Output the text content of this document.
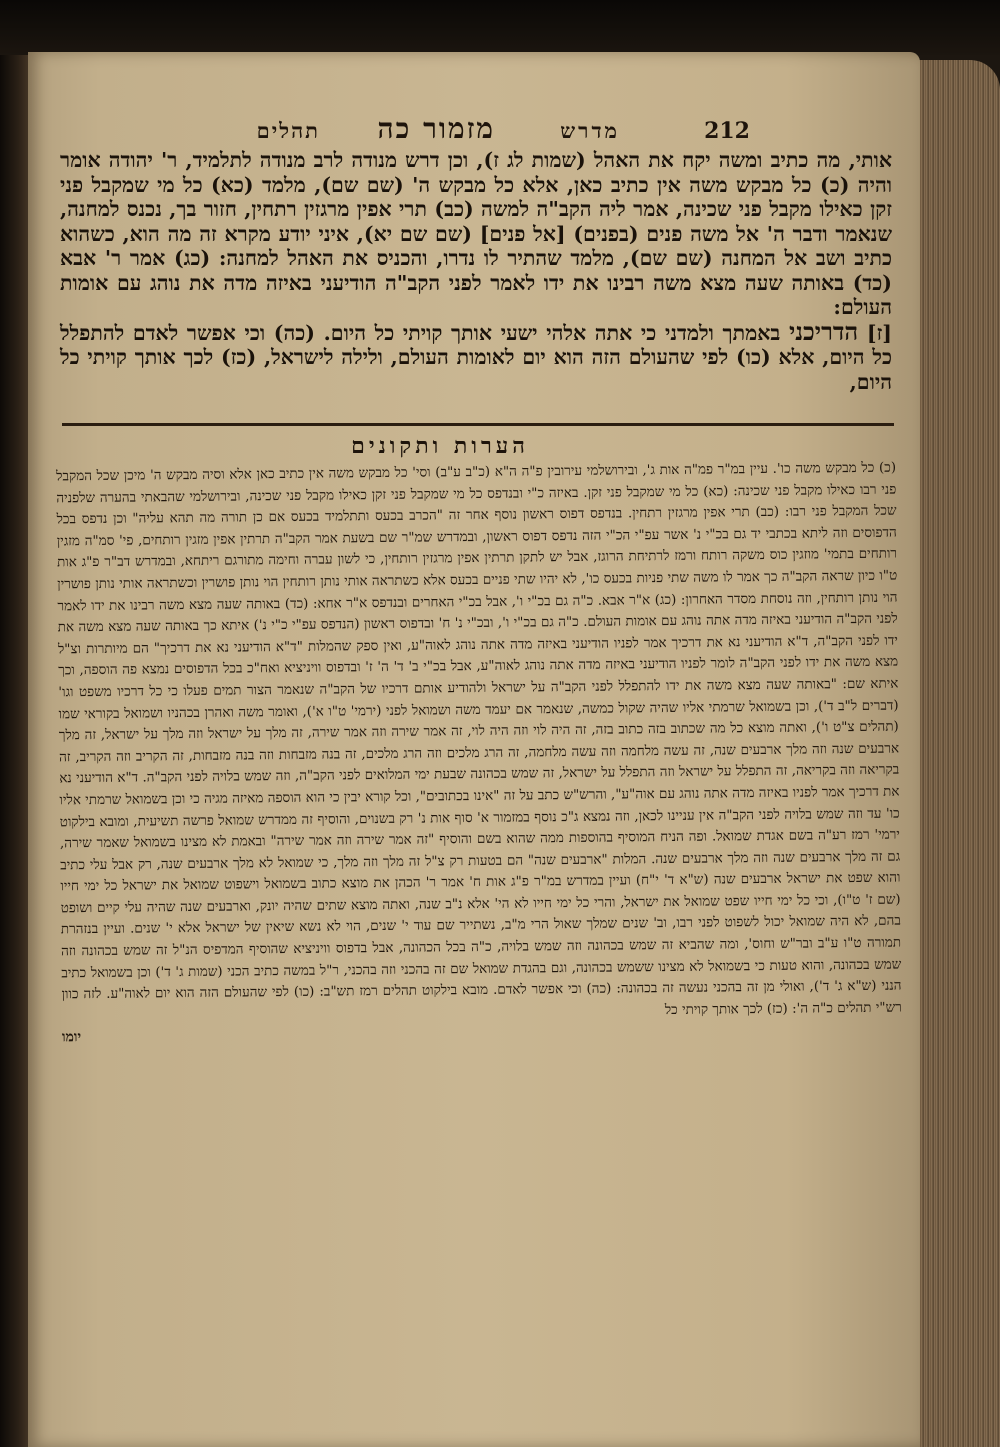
212
מדרש
מזמור כה
תהלים

אותי, מה כתיב ומשה יקח את האהל (שמות לג ז), וכן דרש מנודה לרב מנודה לתלמיד, ר' יהודה אומר והיה (כ) כל מבקש משה אין כתיב כאן, אלא כל מבקש ה' (שם שם), מלמד (כא) כל מי שמקבל פני זקן כאילו מקבל פני שכינה, אמר ליה הקב"ה למשה (כב) תרי אפין מרגזין רתחין, חזור בך, נכנס למחנה, שנאמר ודבר ה' אל משה פנים (בפנים) [אל פנים] (שם שם יא), איני יודע מקרא זה מה הוא, כשהוא כתיב ושב אל המחנה (שם שם), מלמד שהתיר לו נדרו, והכניס את האהל למחנה: (כג) אמר ר' אבא (כד) באותה שעה מצא משה רבינו את ידו לאמר לפני הקב"ה הודיעני באיזה מדה את נוהג עם אומות העולם:

[ז] הדריכני באמתך ולמדני כי אתה אלהי ישעי אותך קויתי כל היום. (כה) וכי אפשר לאדם להתפלל כל היום, אלא (כו) לפי שהעולם הזה הוא יום לאומות העולם, ולילה לישראל, (כז) לכך אותך קויתי כל היום,

הערות ותקונים

(כ) כל מבקש משה כו'. עיין במ"ר פמ"ה אות ג', ובירושלמי עירובין פ"ה ה"א (כ"ב ע"ב) וסי' כל מבקש משה אין כתיב כאן אלא וסיה מבקש ה' מיכן שכל המקבל פני רבו כאילו מקבל פני שכינה: (כא) כל מי שמקבל פני זקן. באיזה כ"י ובנדפס כל מי שמקבל פני זקן כאילו מקבל פני שכינה, ובירושלמי שהבאתי בהערה שלפניה שכל המקבל פני רבו: (כב) תרי אפין מרגזין רתחין. בנדפס דפוס ראשון נוסף אחר זה "הכרב בכעס ותתלמיד בכעס אם כן תורה מה תהא עליה" וכן נדפס בכל הדפוסים וזה ליתא בכתבי יד גם בכ"י נ' אשר עפ"י הכ"י הזה נדפס דפוס ראשון, ובמדרש שמ"ר שם בשעת אמר הקב"ה תרתין אפין מזגין רותחים, פי' סמ"ה מזגין רותחים בתמי' מוזגין כוס משקה רותח ורמז לרתיחת הרוגז, אבל יש לתקן תרתין אפין מרגזין רותחין, כי לשון עברה וחימה מתורגם ריתחא, ובמדרש דב"ר פ"ג אות ט"ו כיון שראה הקב"ה כך אמר לו משה שתי פניות בכעס כו', לא יהיו שתי פניים בכעס אלא כשתראה אותי נותן רותחין הוי נותן פושרין וכשתראה אותי נותן פושרין הוי נותן רותחין, וזה נוסחת מסדר האחרון: (כג) א"ר אבא. כ"ה גם בכ"י ו', אבל בכ"י האחרים ובנדפס א"ר אחא: (כד) באותה שעה מצא משה רבינו את ידו לאמר לפני הקב"ה הודיעני באיזה מדה אתה נוהג עם אומות העולם. כ"ה גם בכ"י ו', ובכ"י נ' ח' ובדפוס ראשון (הנדפס עפ"י כ"י נ') איתא כך באותה שעה מצא משה את ידו לפני הקב"ה, ד"א הודיעני נא את דרכיך אמר לפניו הודיעני באיזה מדה אתה נוהג לאוה"ע, ואין ספק שהמלות "ד"א הודיעני נא את דרכיך" הם מיותרות וצ"ל מצא משה את ידו לפני הקב"ה לומר לפניו הודיעני באיזה מדה אתה נוהג לאוה"ע, אבל בכ"י ב' ד' ה' ז' ובדפוס וויניציא ואח"כ בכל הדפוסים נמצא פה הוספה, וכך איתא שם: "באותה שעה מצא משה את ידו להתפלל לפני הקב"ה על ישראל ולהודיע אותם דרכיו של הקב"ה שנאמר הצור תמים פעלו כי כל דרכיו משפט וגו' (דברים ל"ב ד'), וכן בשמואל שרמתי אליו שהיה שקול כמשה, שנאמר אם יעמד משה ושמואל לפני (ירמי' ט"ו א'), ואומר משה ואהרן בכהניו ושמואל בקוראי שמו (תהלים צ"ט ו'), ואתה מוצא כל מה שכתוב בזה כתוב בזה, זה היה לוי וזה היה לוי, זה אמר שירה וזה אמר שירה, זה מלך על ישראל וזה מלך על ישראל, זה מלך ארבעים שנה וזה מלך ארבעים שנה, זה עשה מלחמה וזה עשה מלחמה, זה הרג מלכים וזה הרג מלכים, זה בנה מזבחות וזה בנה מזבחות, זה הקריב וזה הקריב, זה בקריאה וזה בקריאה, זה התפלל על ישראל וזה התפלל על ישראל, זה שמש בכהונה שבעת ימי המלואים לפני הקב"ה, וזה שמש בלויה לפני הקב"ה. ד"א הודיעני נא את דרכיך אמר לפניו באיזה מדה אתה נוהג עם אוה"ע", והרש"ש כתב על זה "אינו בכתובים", וכל קורא יבין כי הוא הוספה מאיזה מגיה כי וכן בשמואל שרמתי אליו כו' עד וזה שמש בלויה לפני הקב"ה אין עניינו לכאן, וזה נמצא ג"כ נוסף במזמור א' סוף אות נ' רק בשנוים, והוסיף זה ממדרש שמואל פרשה תשיעית, ומובא בילקוט ירמי' רמז רע"ה בשם אגדת שמואל. ופה הניח המוסיף בהוספות ממה שהוא בשם והוסיף "זה אמר שירה וזה אמר שירה" ובאמת לא מצינו בשמואל שאמר שירה, גם זה מלך ארבעים שנה וזה מלך ארבעים שנה. המלות "ארבעים שנה" הם בטעות רק צ"ל זה מלך וזה מלך, כי שמואל לא מלך ארבעים שנה, רק אבל עלי כתיב והוא שפט את ישראל ארבעים שנה (ש"א ד' י"ח) ועיין במדרש במ"ר פ"ג אות ח' אמר ר' הכהן את מוצא כתוב בשמואל וישפוט שמואל את ישראל כל ימי חייו (שם ז' ט"ו), וכי כל ימי חייו שפט שמואל את ישראל, והרי כל ימי חייו לא הי' אלא נ"ב שנה, ואתה מוצא שתים שהיה יונק, וארבעים שנה שהיה עלי קיים ושופט בהם, לא היה שמואל יכול לשפוט לפני רבו, וב' שנים שמלך שאול הרי מ"ב, נשתייר שם עוד י' שנים, הוי לא נשא שיאין של ישראל אלא י' שנים. ועיין בנזהרת תמורה ט"ו ע"ב ובר"ש וחוס', ומה שהביא זה שמש בכהונה וזה שמש בלויה, כ"ה בכל הכהונה, אבל בדפוס וויניציא שהוסיף המדפיס הנ"ל זה שמש בכהונה וזה שמש בכהונה, והוא טעות כי בשמואל לא מצינו ששמש בכהונה, וגם בהגדת שמואל שם זה בהכני וזה בהכני, ר"ל במשה כתיב הכני (שמות ג' ד') וכן בשמואל כתיב הנני (ש"א ג' ד'), ואולי מן זה בהכני נעשה זה בכהונה: (כה) וכי אפשר לאדם. מובא בילקוט תהלים רמז תש"ב: (כו) לפי שהעולם הזה הוא יום לאוה"ע. לזה כוון רש"י תהלים כ"ה ה': (כז) לכך אותך קויתי כל

יומו
